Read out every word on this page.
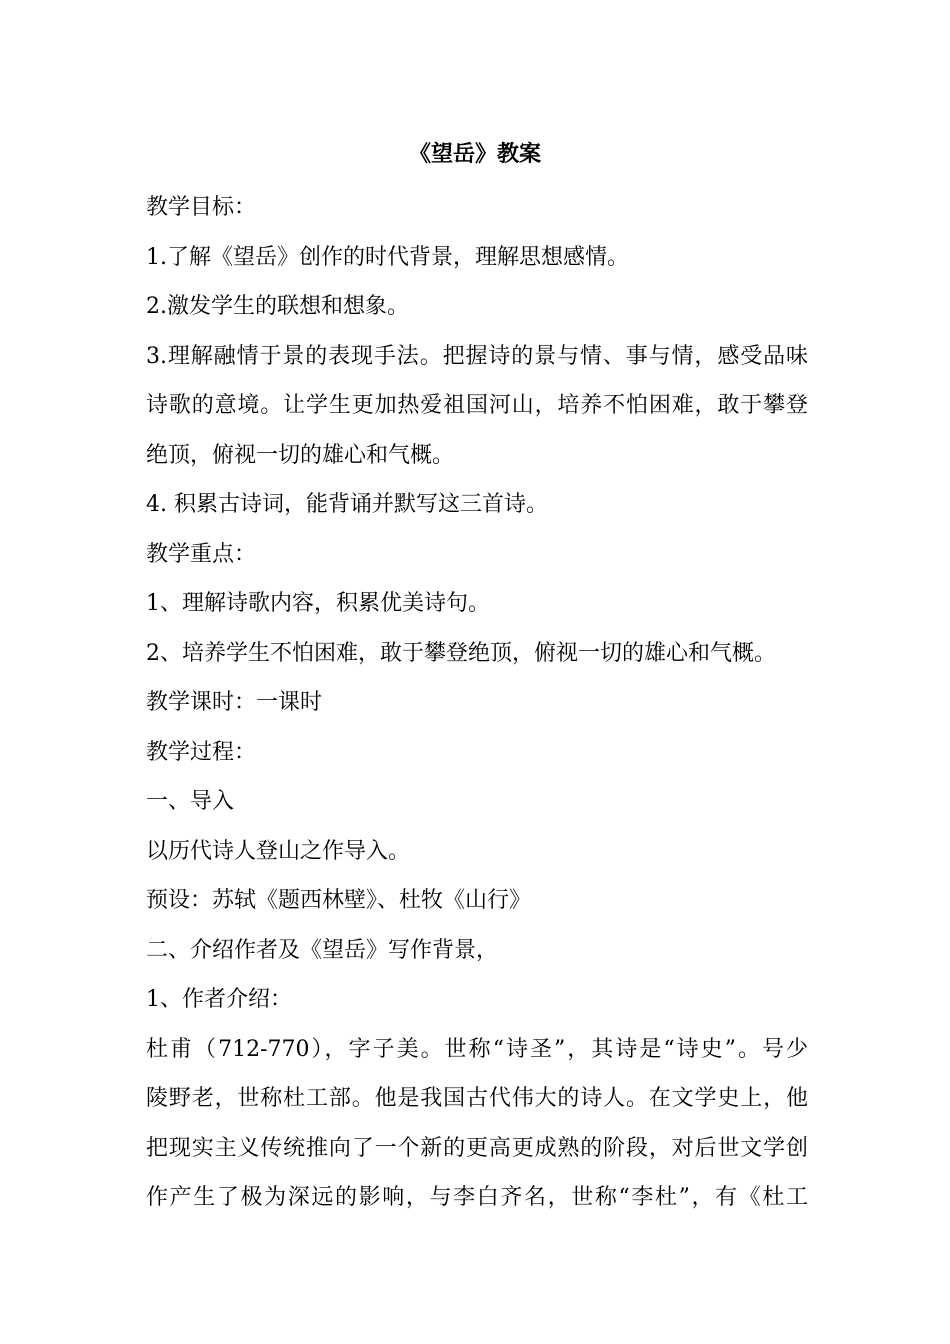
《望岳》教案
教学目标：
1.了解《望岳》创作的时代背景，理解思想感情。
2.激发学生的联想和想象。
3.理解融情于景的表现手法。把握诗的景与情、事与情，感受品味
诗歌的意境。让学生更加热爱祖国河山，培养不怕困难，敢于攀登
绝顶，俯视一切的雄心和气概。
4. 积累古诗词，能背诵并默写这三首诗。
教学重点：
1、理解诗歌内容，积累优美诗句。
2、培养学生不怕困难，敢于攀登绝顶，俯视一切的雄心和气概。
教学课时：一课时
教学过程：
一、导入
以历代诗人登山之作导入。
预设：苏轼《题西林壁》、杜牧《山行》
二、介绍作者及《望岳》写作背景，
1、作者介绍：
杜甫（712-770），字子美。世称“诗圣”，其诗是“诗史”。号少
陵野老，世称杜工部。他是我国古代伟大的诗人。在文学史上，他
把现实主义传统推向了一个新的更高更成熟的阶段，对后世文学创
作产生了极为深远的影响，与李白齐名，世称“李杜”，有《杜工
